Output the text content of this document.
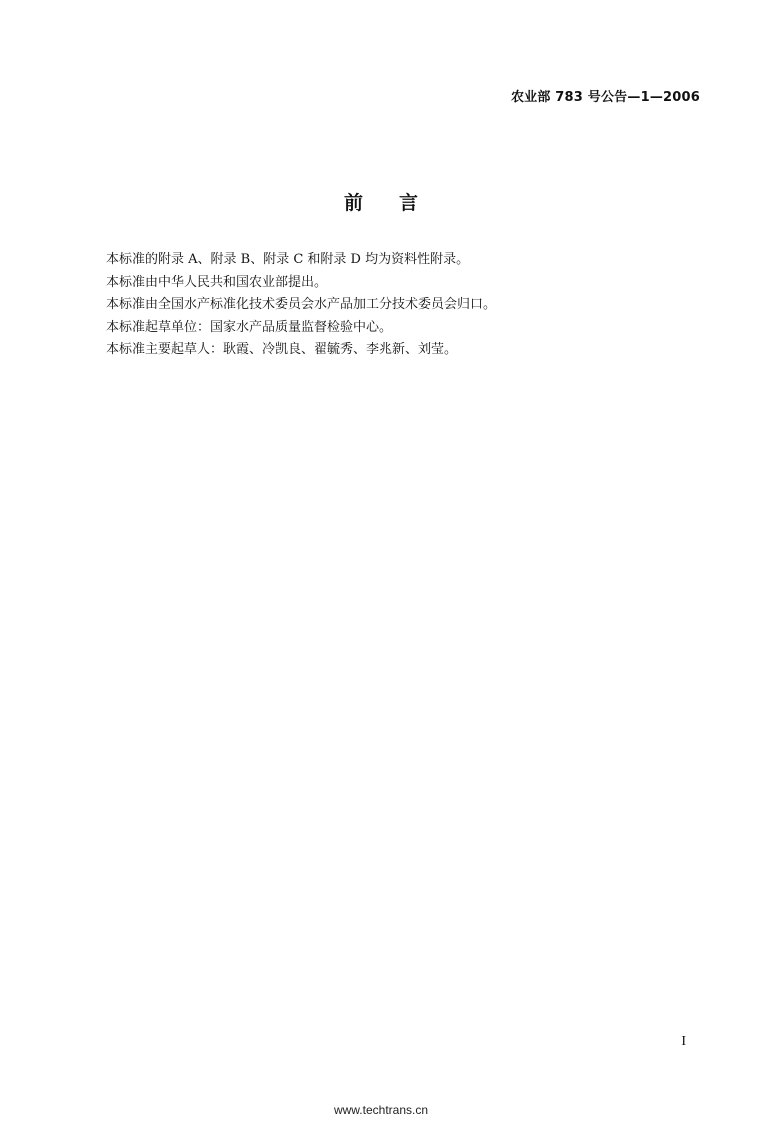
农业部 783 号公告—1—2006
前言

本标准的附录 A、附录 B、附录 C 和附录 D 均为资料性附录。

本标准由中华人民共和国农业部提出。

本标准由全国水产标准化技术委员会水产品加工分技术委员会归口。

本标准起草单位：国家水产品质量监督检验中心。

本标准主要起草人：耿霞、冷凯良、翟毓秀、李兆新、刘莹。

I
www.techtrans.cn
